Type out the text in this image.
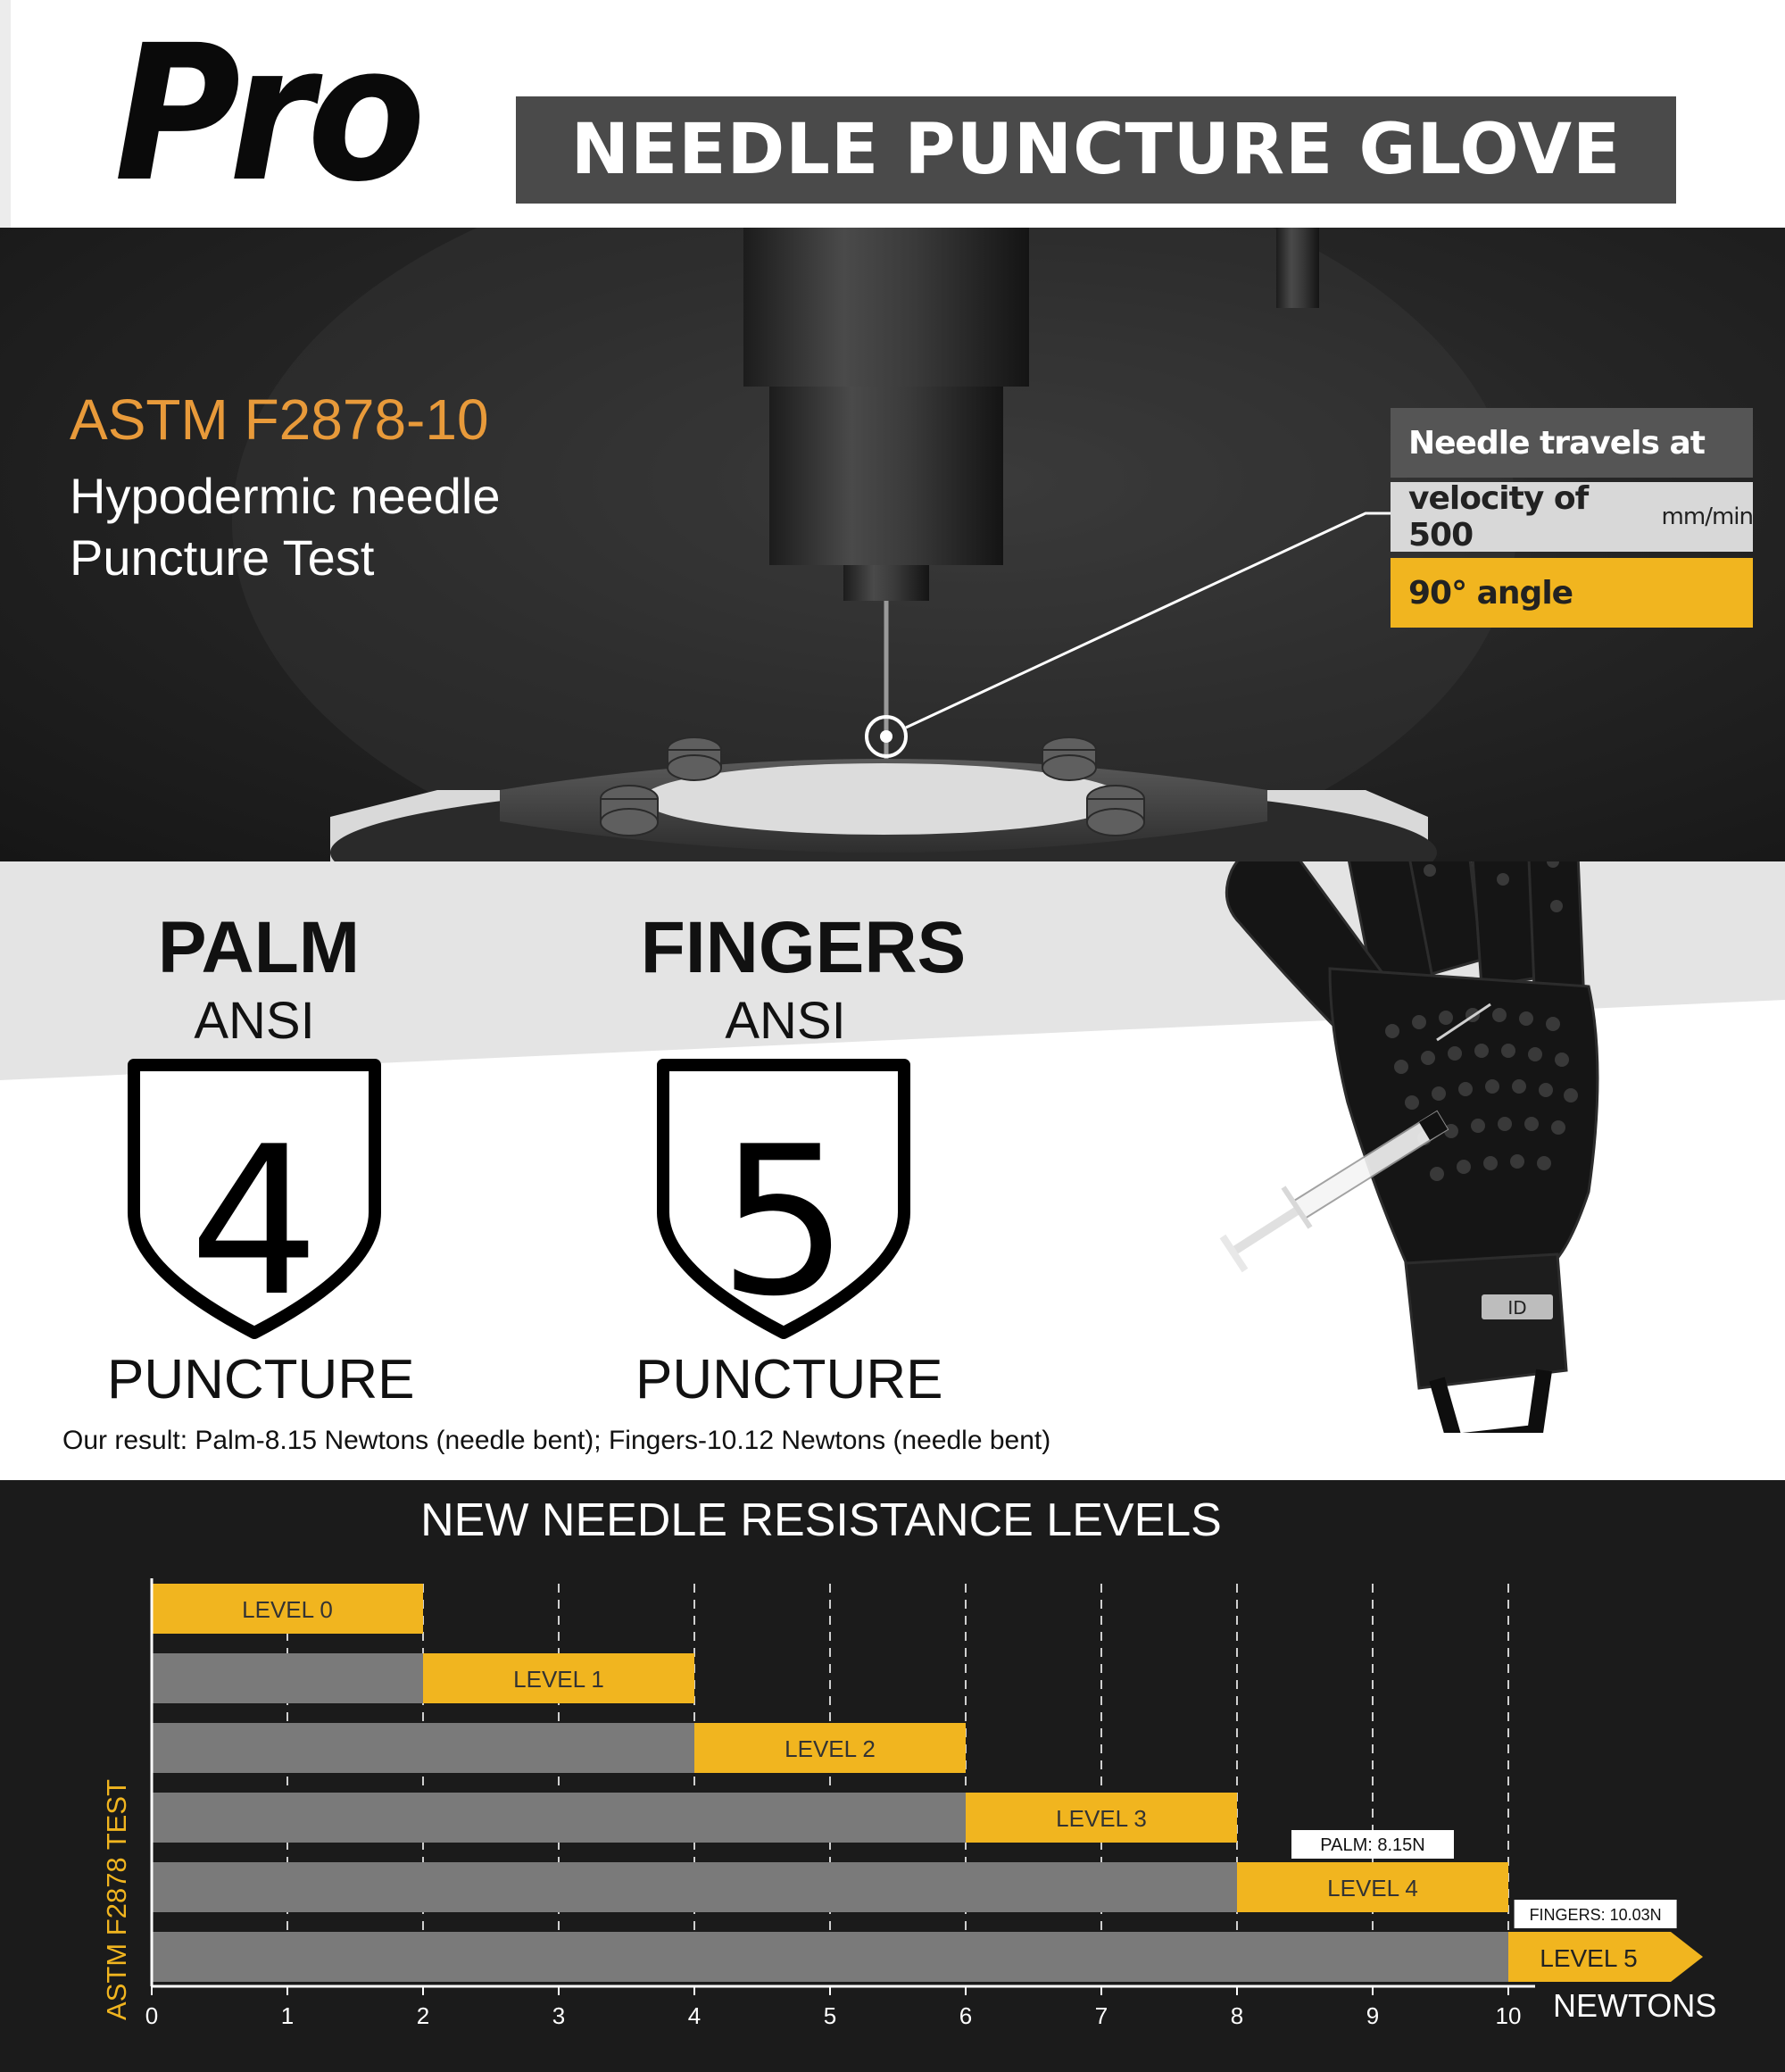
Pro NEEDLE PUNCTURE GLOVE
ASTM F2878-10
Hypodermic needle
Puncture Test
Needle travels at
velocity of 500	mm/min
90° angle
PALM
ANSI
4
PUNCTURE
FINGERS
ANSI
5
PUNCTURE
Our result: Palm-8.15 Newtons (needle bent); Fingers-10.12 Newtons (needle bent)
ID
NEW NEEDLE RESISTANCE LEVELS
ASTM F2878 TEST
LEVEL 0
LEVEL 1
LEVEL 2
LEVEL 3
LEVEL 4
LEVEL 5
PALM: 8.15N
FINGERS: 10.03N
0	1	2	3	4	5	6	7	8	9	10 NEWTONS
